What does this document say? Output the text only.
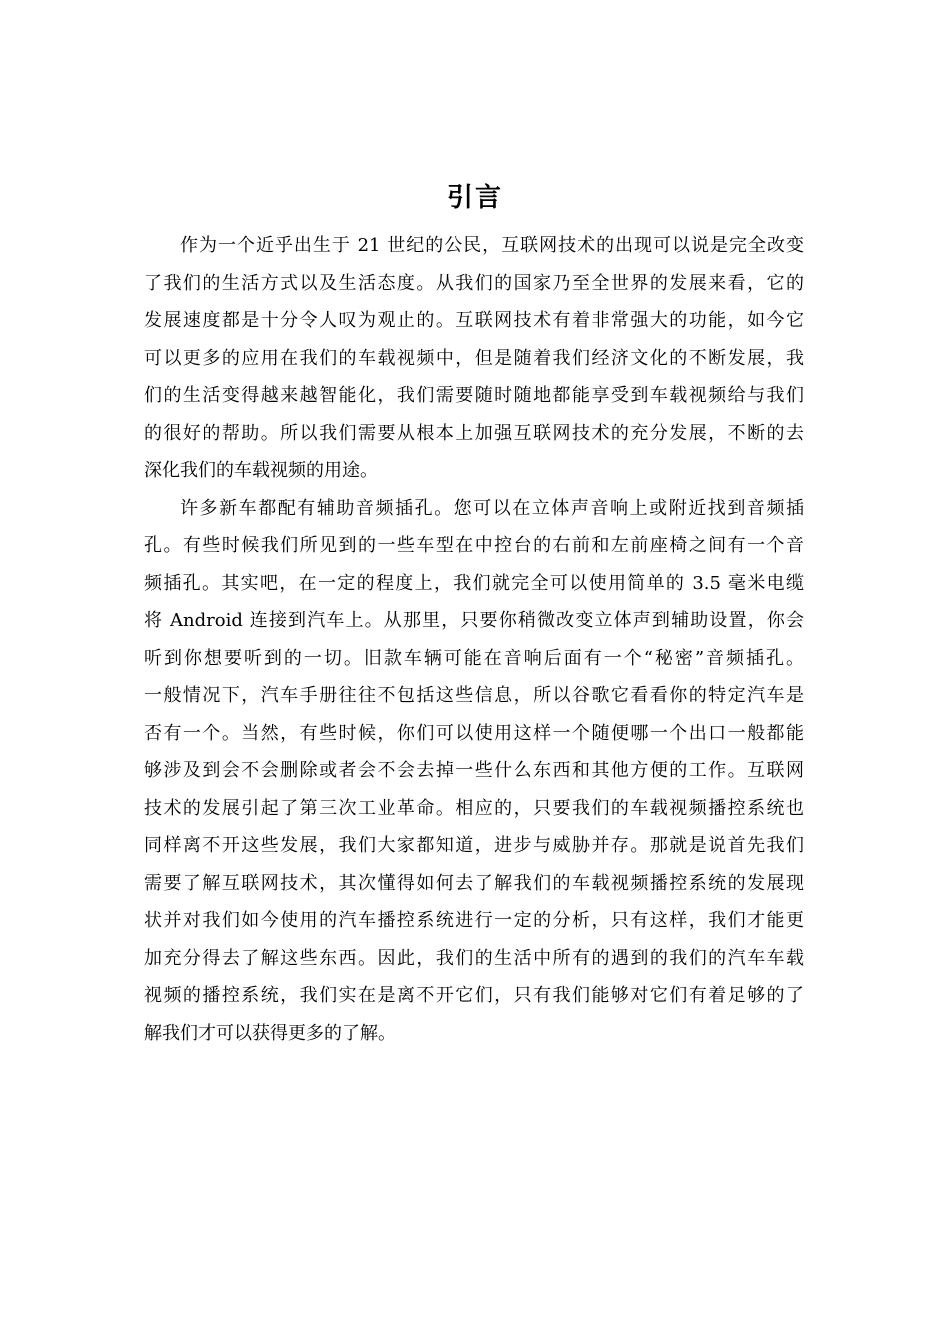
引言
作为一个近乎出生于 21 世纪的公民，互联网技术的出现可以说是完全改变
了我们的生活方式以及生活态度。从我们的国家乃至全世界的发展来看，它的
发展速度都是十分令人叹为观止的。互联网技术有着非常强大的功能，如今它
可以更多的应用在我们的车载视频中，但是随着我们经济文化的不断发展，我
们的生活变得越来越智能化，我们需要随时随地都能享受到车载视频给与我们
的很好的帮助。所以我们需要从根本上加强互联网技术的充分发展，不断的去
深化我们的车载视频的用途。
许多新车都配有辅助音频插孔。您可以在立体声音响上或附近找到音频插
孔。有些时候我们所见到的一些车型在中控台的右前和左前座椅之间有一个音
频插孔。其实吧，在一定的程度上，我们就完全可以使用简单的 3.5 毫米电缆
将 Android 连接到汽车上。从那里，只要你稍微改变立体声到辅助设置，你会
听到你想要听到的一切。旧款车辆可能在音响后面有一个“秘密”音频插孔。
一般情况下，汽车手册往往不包括这些信息，所以谷歌它看看你的特定汽车是
否有一个。当然，有些时候，你们可以使用这样一个随便哪一个出口一般都能
够涉及到会不会删除或者会不会去掉一些什么东西和其他方便的工作。互联网
技术的发展引起了第三次工业革命。相应的，只要我们的车载视频播控系统也
同样离不开这些发展，我们大家都知道，进步与威胁并存。那就是说首先我们
需要了解互联网技术，其次懂得如何去了解我们的车载视频播控系统的发展现
状并对我们如今使用的汽车播控系统进行一定的分析，只有这样，我们才能更
加充分得去了解这些东西。因此，我们的生活中所有的遇到的我们的汽车车载
视频的播控系统，我们实在是离不开它们，只有我们能够对它们有着足够的了
解我们才可以获得更多的了解。
